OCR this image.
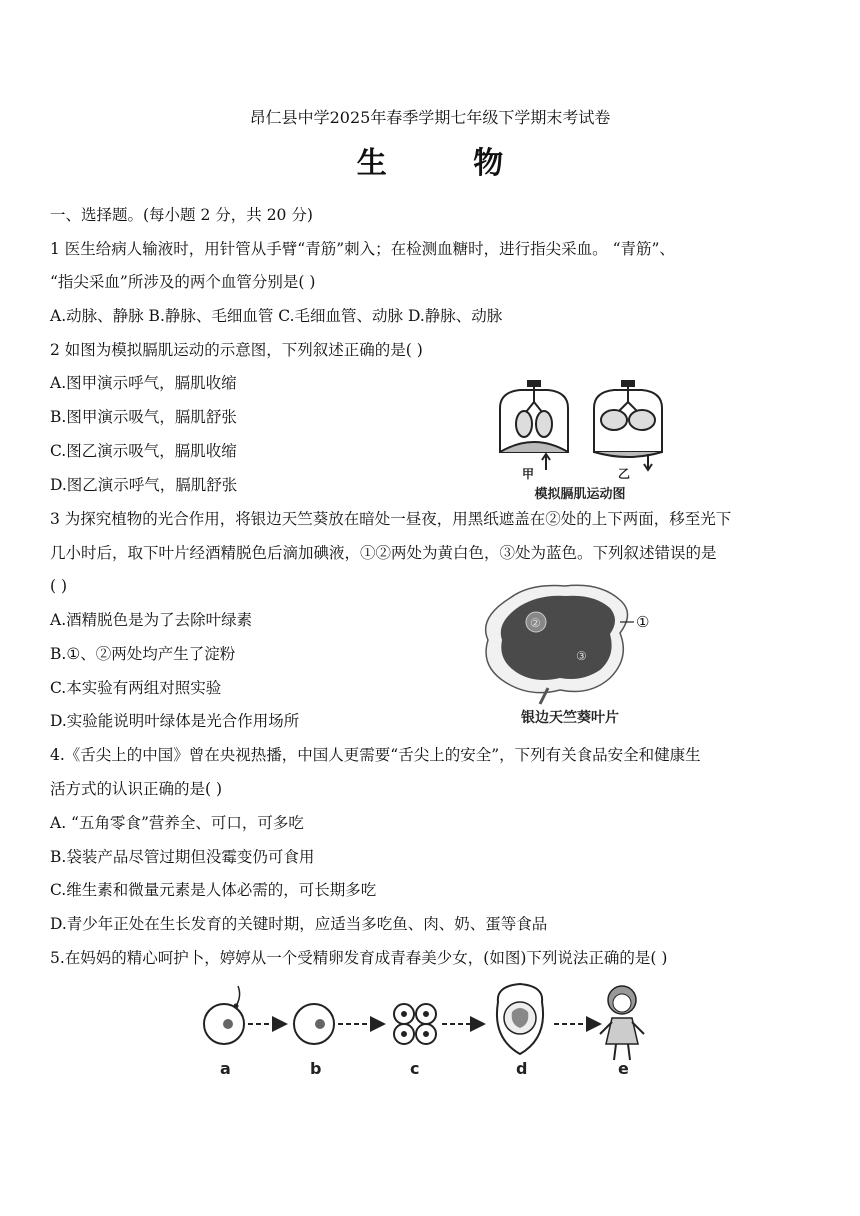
昂仁县中学2025年春季学期七年级下学期末考试卷
生 物
一、选择题。(每小题 2 分，共 20 分)
1 医生给病人输液时，用针管从手臂“青筋”刺入；在检测血糖时，进行指尖采血。 “青筋”、
“指尖采血”所涉及的两个血管分别是( )
A.动脉、静脉 B.静脉、毛细血管 C.毛细血管、动脉 D.静脉、动脉
2 如图为模拟膈肌运动的示意图，下列叙述正确的是( )
A.图甲演示呼气，膈肌收缩
B.图甲演示吸气，膈肌舒张
C.图乙演示吸气，膈肌收缩
D.图乙演示呼气，膈肌舒张
甲	乙
模拟膈肌运动图
3 为探究植物的光合作用，将银边天竺葵放在暗处一昼夜，用黑纸遮盖在②处的上下两面，移至光下
几小时后，取下叶片经酒精脱色后滴加碘液，①②两处为黄白色，③处为蓝色。下列叙述错误的是
( )
A.酒精脱色是为了去除叶绿素
B.①、②两处均产生了淀粉
C.本实验有两组对照实验
D.实验能说明叶绿体是光合作用场所
②
③
①
银边天竺葵叶片
4.《舌尖上的中国》曾在央视热播，中国人更需要“舌尖上的安全”，下列有关食品安全和健康生
活方式的认识正确的是( )
A. “五角零食”营养全、可口，可多吃
B.袋装产品尽管过期但没霉变仍可食用
C.维生素和微量元素是人体必需的，可长期多吃
D.青少年正处在生长发育的关键时期，应适当多吃鱼、肉、奶、蛋等食品
5.在妈妈的精心呵护卜，婷婷从一个受精卵发育成青春美少女，(如图)下列说法正确的是( )
a	b	c	d	e
